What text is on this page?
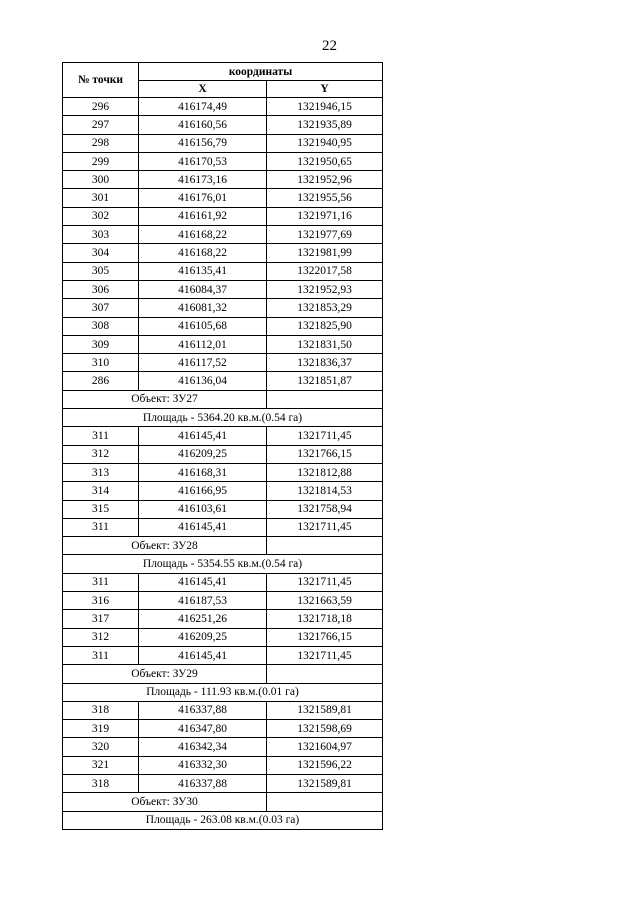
22
№ точки	координаты	
	X	Y
296	416174,49	1321946,15
297	416160,56	1321935,89
298	416156,79	1321940,95
299	416170,53	1321950,65
300	416173,16	1321952,96
301	416176,01	1321955,56
302	416161,92	1321971,16
303	416168,22	1321977,69
304	416168,22	1321981,99
305	416135,41	1322017,58
306	416084,37	1321952,93
307	416081,32	1321853,29
308	416105,68	1321825,90
309	416112,01	1321831,50
310	416117,52	1321836,37
286	416136,04	1321851,87
Объект: ЗУ27		
Площадь - 5364.20 кв.м.(0.54 га)		
311	416145,41	1321711,45
312	416209,25	1321766,15
313	416168,31	1321812,88
314	416166,95	1321814,53
315	416103,61	1321758,94
311	416145,41	1321711,45
Объект: ЗУ28		
Площадь - 5354.55 кв.м.(0.54 га)		
311	416145,41	1321711,45
316	416187,53	1321663,59
317	416251,26	1321718,18
312	416209,25	1321766,15
311	416145,41	1321711,45
Объект: ЗУ29		
Площадь - 111.93 кв.м.(0.01 га)		
318	416337,88	1321589,81
319	416347,80	1321598,69
320	416342,34	1321604,97
321	416332,30	1321596,22
318	416337,88	1321589,81
Объект: ЗУ30		
Площадь - 263.08 кв.м.(0.03 га)		
